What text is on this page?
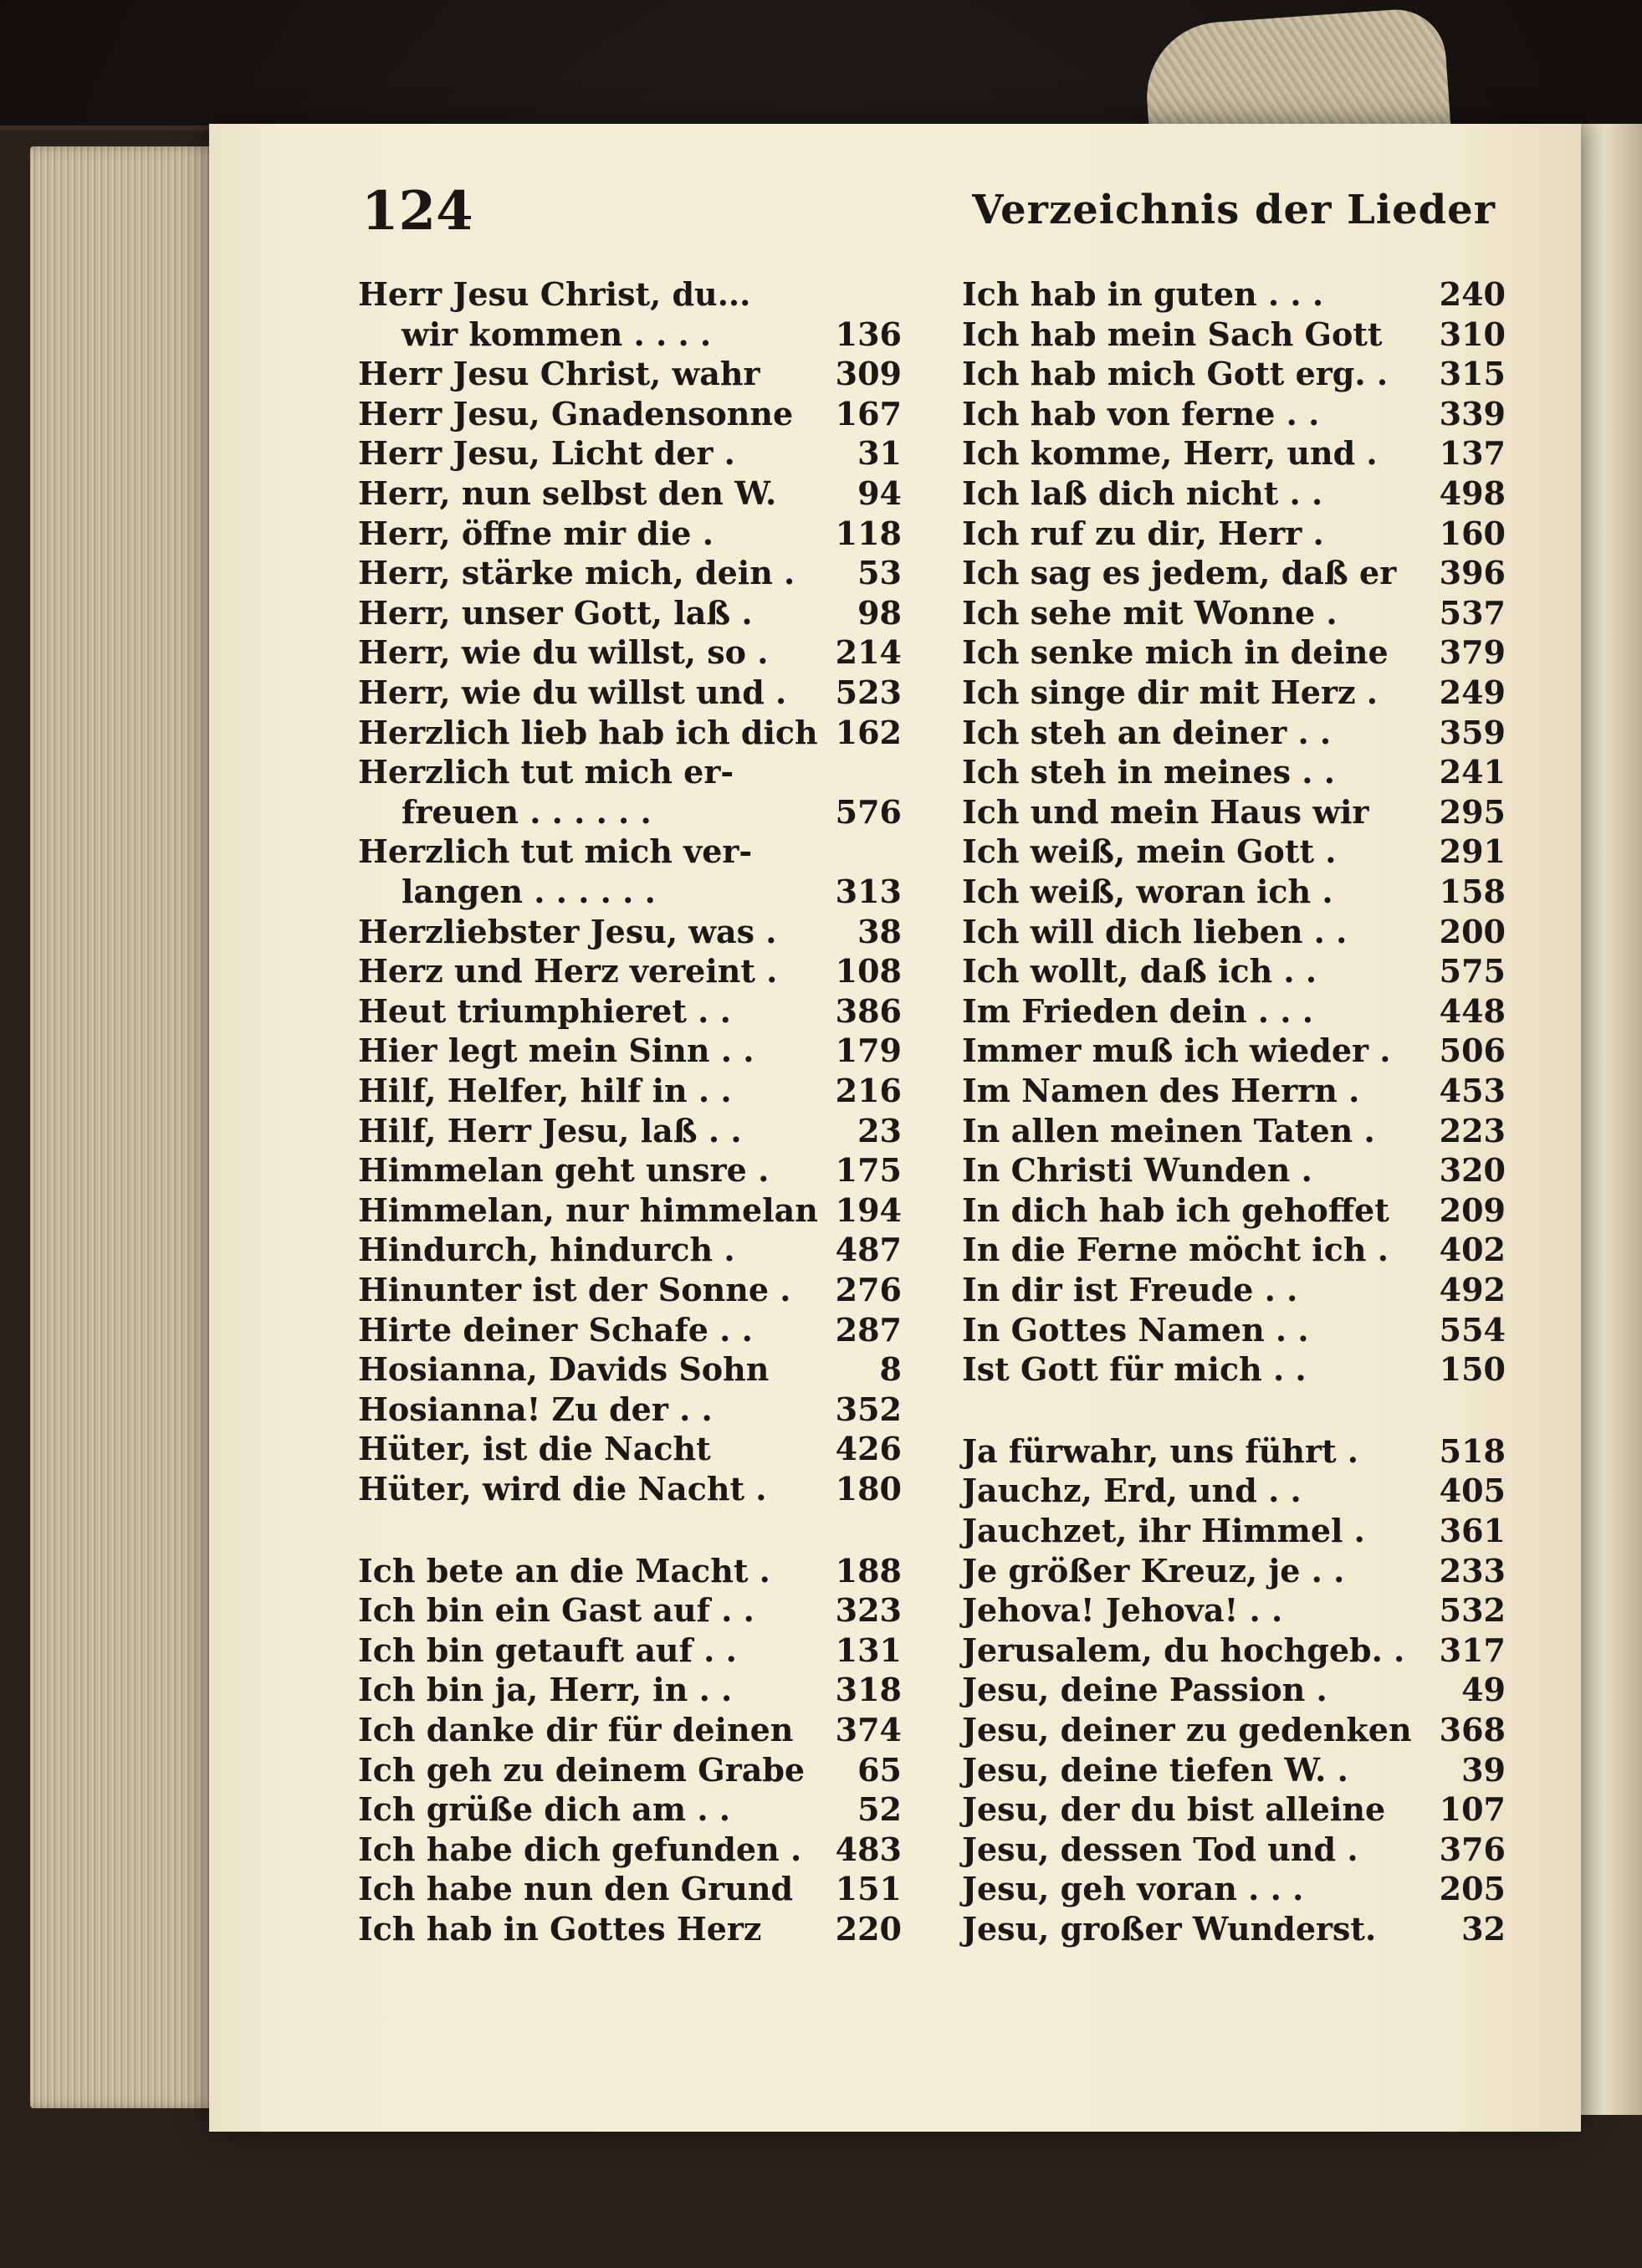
124	Verzeichnis der Lieder
Herr Jesu Christ, du...
wir kommen . . . .	136
Herr Jesu Christ, wahr 309
Herr Jesu, Gnadensonne 167
Herr Jesu, Licht der .	31
Herr, nun selbst den W.	94
Herr, öffne mir die .	118
Herr, stärke mich, dein . 53
Herr, unser Gott, laß .	98
Herr, wie du willst, so . 214
Herr, wie du willst und . 523
Herzlich lieb hab ich dich 162
Herzlich tut mich er-
freuen . . . . . .	576
Herzlich tut mich ver-
langen . . . . . .	313
Herzliebster Jesu, was .	38
Herz und Herz vereint . 108
Heut triumphieret . .	386
Hier legt mein Sinn . .	179
Hilf, Helfer, hilf in . .	216
Hilf, Herr Jesu, laß . .	23
Himmelan geht unsre . 175
Himmelan, nur himmelan 194
Hindurch, hindurch .	487
Hinunter ist der Sonne . 276
Hirte deiner Schafe . .	287
Hosianna, Davids Sohn	8
Hosianna! Zu der . .	352
Hüter, ist die Nacht	426
Hüter, wird die Nacht . 180
Ich bete an die Macht . 188
Ich bin ein Gast auf . .	323
Ich bin getauft auf . .	131
Ich bin ja, Herr, in . .	318
Ich danke dir für deinen 374
Ich geh zu deinem Grabe 65
Ich grüße dich am . .	52
Ich habe dich gefunden . 483
Ich habe nun den Grund 151
Ich hab in Gottes Herz 220
Ich hab in guten . . .	240
Ich hab mein Sach Gott 310
Ich hab mich Gott erg. . 315
Ich hab von ferne . .	339
Ich komme, Herr, und . 137
Ich laß dich nicht . .	498
Ich ruf zu dir, Herr .	160
Ich sag es jedem, daß er 396
Ich sehe mit Wonne .	537
Ich senke mich in deine 379
Ich singe dir mit Herz . 249
Ich steh an deiner . .	359
Ich steh in meines . .	241
Ich und mein Haus wir 295
Ich weiß, mein Gott .	291
Ich weiß, woran ich .	158
Ich will dich lieben . .	200
Ich wollt, daß ich . .	575
Im Frieden dein . . .	448
Immer muß ich wieder . 506
Im Namen des Herrn .	453
In allen meinen Taten . 223
In Christi Wunden .	320
In dich hab ich gehoffet 209
In die Ferne möcht ich . 402
In dir ist Freude . .	492
In Gottes Namen . .	554
Ist Gott für mich . .	150
Ja fürwahr, uns führt .	518
Jauchz, Erd, und . .	405
Jauchzet, ihr Himmel . 361
Je größer Kreuz, je . .	233
Jehova! Jehova! . .	532
Jerusalem, du hochgeb. . 317
Jesu, deine Passion .	49
Jesu, deiner zu gedenken 368
Jesu, deine tiefen W. .	39
Jesu, der du bist alleine 107
Jesu, dessen Tod und .	376
Jesu, geh voran . . .	205
Jesu, großer Wunderst.	32
